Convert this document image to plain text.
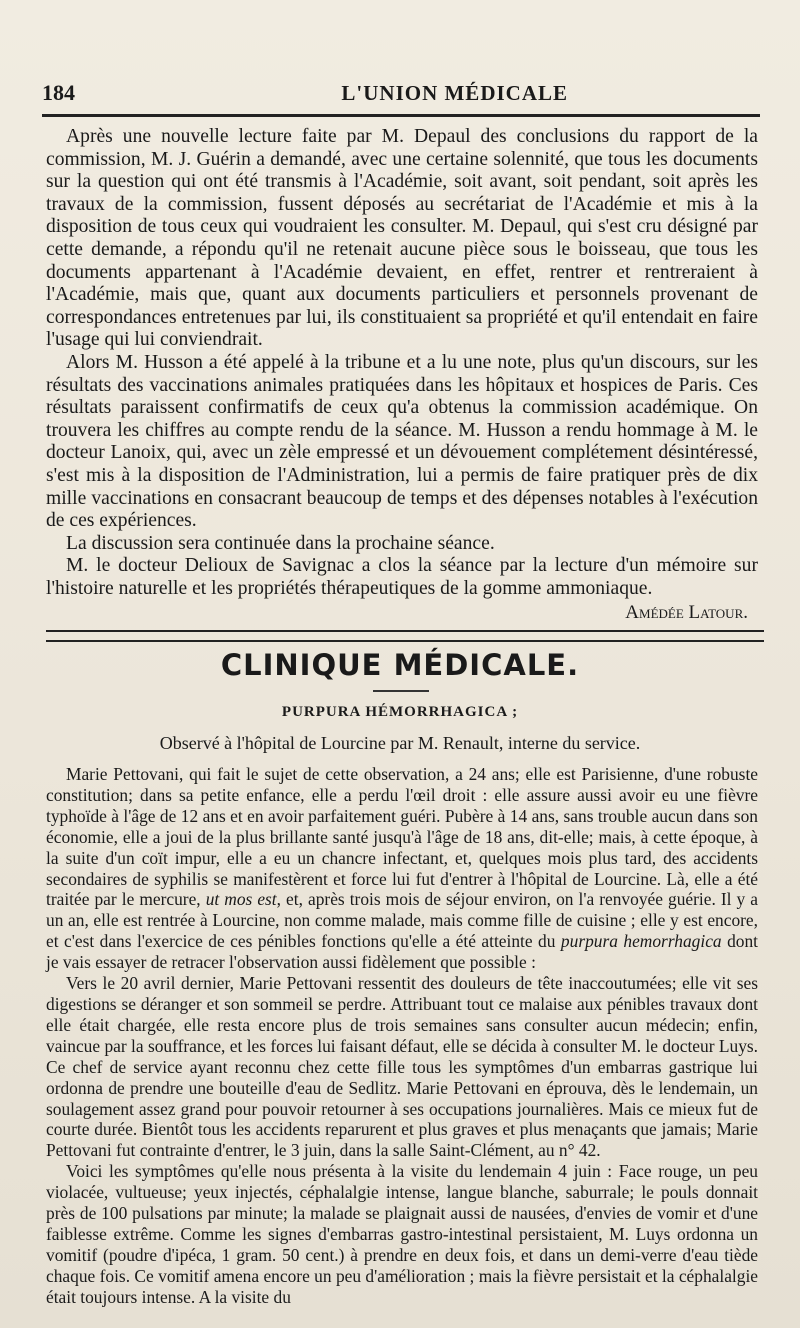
184	L'UNION MÉDICALE

Après une nouvelle lecture faite par M. Depaul des conclusions du rapport de la commission, M. J. Guérin a demandé, avec une certaine solennité, que tous les documents sur la question qui ont été transmis à l'Académie, soit avant, soit pendant, soit après les travaux de la commission, fussent déposés au secrétariat de l'Académie et mis à la disposition de tous ceux qui voudraient les consulter. M. Depaul, qui s'est cru désigné par cette demande, a répondu qu'il ne retenait aucune pièce sous le boisseau, que tous les documents appartenant à l'Académie devaient, en effet, rentrer et rentreraient à l'Académie, mais que, quant aux documents particuliers et personnels provenant de correspondances entretenues par lui, ils constituaient sa propriété et qu'il entendait en faire l'usage qui lui conviendrait.

Alors M. Husson a été appelé à la tribune et a lu une note, plus qu'un discours, sur les résultats des vaccinations animales pratiquées dans les hôpitaux et hospices de Paris. Ces résultats paraissent confirmatifs de ceux qu'a obtenus la commission académique. On trouvera les chiffres au compte rendu de la séance. M. Husson a rendu hommage à M. le docteur Lanoix, qui, avec un zèle empressé et un dévouement complétement désintéressé, s'est mis à la disposition de l'Administration, lui a permis de faire pratiquer près de dix mille vaccinations en consacrant beaucoup de temps et des dépenses notables à l'exécution de ces expériences.

La discussion sera continuée dans la prochaine séance.

M. le docteur Delioux de Savignac a clos la séance par la lecture d'un mémoire sur l'histoire naturelle et les propriétés thérapeutiques de la gomme ammoniaque.

Amédée Latour.
CLINIQUE MÉDICALE.
PURPURA HÉMORRHAGICA ;
Observé à l'hôpital de Lourcine par M. Renault, interne du service.

Marie Pettovani, qui fait le sujet de cette observation, a 24 ans; elle est Parisienne, d'une robuste constitution; dans sa petite enfance, elle a perdu l'œil droit : elle assure aussi avoir eu une fièvre typhoïde à l'âge de 12 ans et en avoir parfaitement guéri. Pubère à 14 ans, sans trouble aucun dans son économie, elle a joui de la plus brillante santé jusqu'à l'âge de 18 ans, dit-elle; mais, à cette époque, à la suite d'un coït impur, elle a eu un chancre infectant, et, quelques mois plus tard, des accidents secondaires de syphilis se manifestèrent et force lui fut d'entrer à l'hôpital de Lourcine. Là, elle a été traitée par le mercure, ut mos est, et, après trois mois de séjour environ, on l'a renvoyée guérie. Il y a un an, elle est rentrée à Lourcine, non comme malade, mais comme fille de cuisine ; elle y est encore, et c'est dans l'exercice de ces pénibles fonctions qu'elle a été atteinte du purpura hemorrhagica dont je vais essayer de retracer l'observation aussi fidèlement que possible :

Vers le 20 avril dernier, Marie Pettovani ressentit des douleurs de tête inaccoutumées; elle vit ses digestions se déranger et son sommeil se perdre. Attribuant tout ce malaise aux pénibles travaux dont elle était chargée, elle resta encore plus de trois semaines sans consulter aucun médecin; enfin, vaincue par la souffrance, et les forces lui faisant défaut, elle se décida à consulter M. le docteur Luys. Ce chef de service ayant reconnu chez cette fille tous les symptômes d'un embarras gastrique lui ordonna de prendre une bouteille d'eau de Sedlitz. Marie Pettovani en éprouva, dès le lendemain, un soulagement assez grand pour pouvoir retourner à ses occupations journalières. Mais ce mieux fut de courte durée. Bientôt tous les accidents reparurent et plus graves et plus menaçants que jamais; Marie Pettovani fut contrainte d'entrer, le 3 juin, dans la salle Saint-Clément, au n° 42.

Voici les symptômes qu'elle nous présenta à la visite du lendemain 4 juin : Face rouge, un peu violacée, vultueuse; yeux injectés, céphalalgie intense, langue blanche, saburrale; le pouls donnait près de 100 pulsations par minute; la malade se plaignait aussi de nausées, d'envies de vomir et d'une faiblesse extrême. Comme les signes d'embarras gastro-intestinal persistaient, M. Luys ordonna un vomitif (poudre d'ipéca, 1 gram. 50 cent.) à prendre en deux fois, et dans un demi-verre d'eau tiède chaque fois. Ce vomitif amena encore un peu d'amélioration ; mais la fièvre persistait et la céphalalgie était toujours intense. A la visite du
